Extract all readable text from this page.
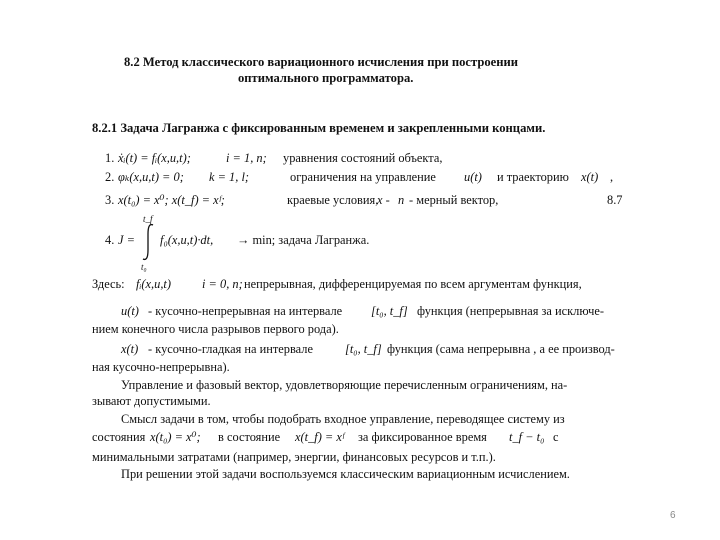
8.2 Метод классического вариационного исчисления при построении
оптимального программатора.
8.2.1 Задача Лагранжа с фиксированным временем и закрепленными концами.
1. ẋᵢ(t) = fᵢ(x,u,t);	i = 1, n; уравнения состояний объекта,
2. φₖ(x,u,t) = 0; k = 1, l;	ограничения на управление u(t) и траекторию x(t) ,
3. x(t₀) = x⁰; x(t_f) = xᶠ;	краевые условия,
x - n - мерный вектор,	8.7
4. J =
t_f
t₀
f₀(x,u,t)·dt, → min; задача Лагранжа.
Здесь: fᵢ(x,u,t)	i = 0, n; непрерывная, дифференцируемая по всем аргументам функция,
u(t) - кусочно-непрерывная на интервале [t₀, t_f] функция (непрерывная за исключе-
нием конечного числа разрывов первого рода).
x(t) - кусочно-гладкая на интервале	[t₀, t_f] функция (сама непрерывна , а ее производ-
ная кусочно-непрерывна).
Управление и фазовый вектор, удовлетворяющие перечисленным ограничениям, на-
зывают допустимыми.
Смысл задачи в том, чтобы подобрать входное управление, переводящее систему из
состояния x(t₀) = x⁰; в состояние x(t_f) = xᶠ за фиксированное время t_f − t₀ с
минимальными затратами (например, энергии, финансовых ресурсов и т.п.).
При решении этой задачи воспользуемся классическим вариационным исчислением.
6
